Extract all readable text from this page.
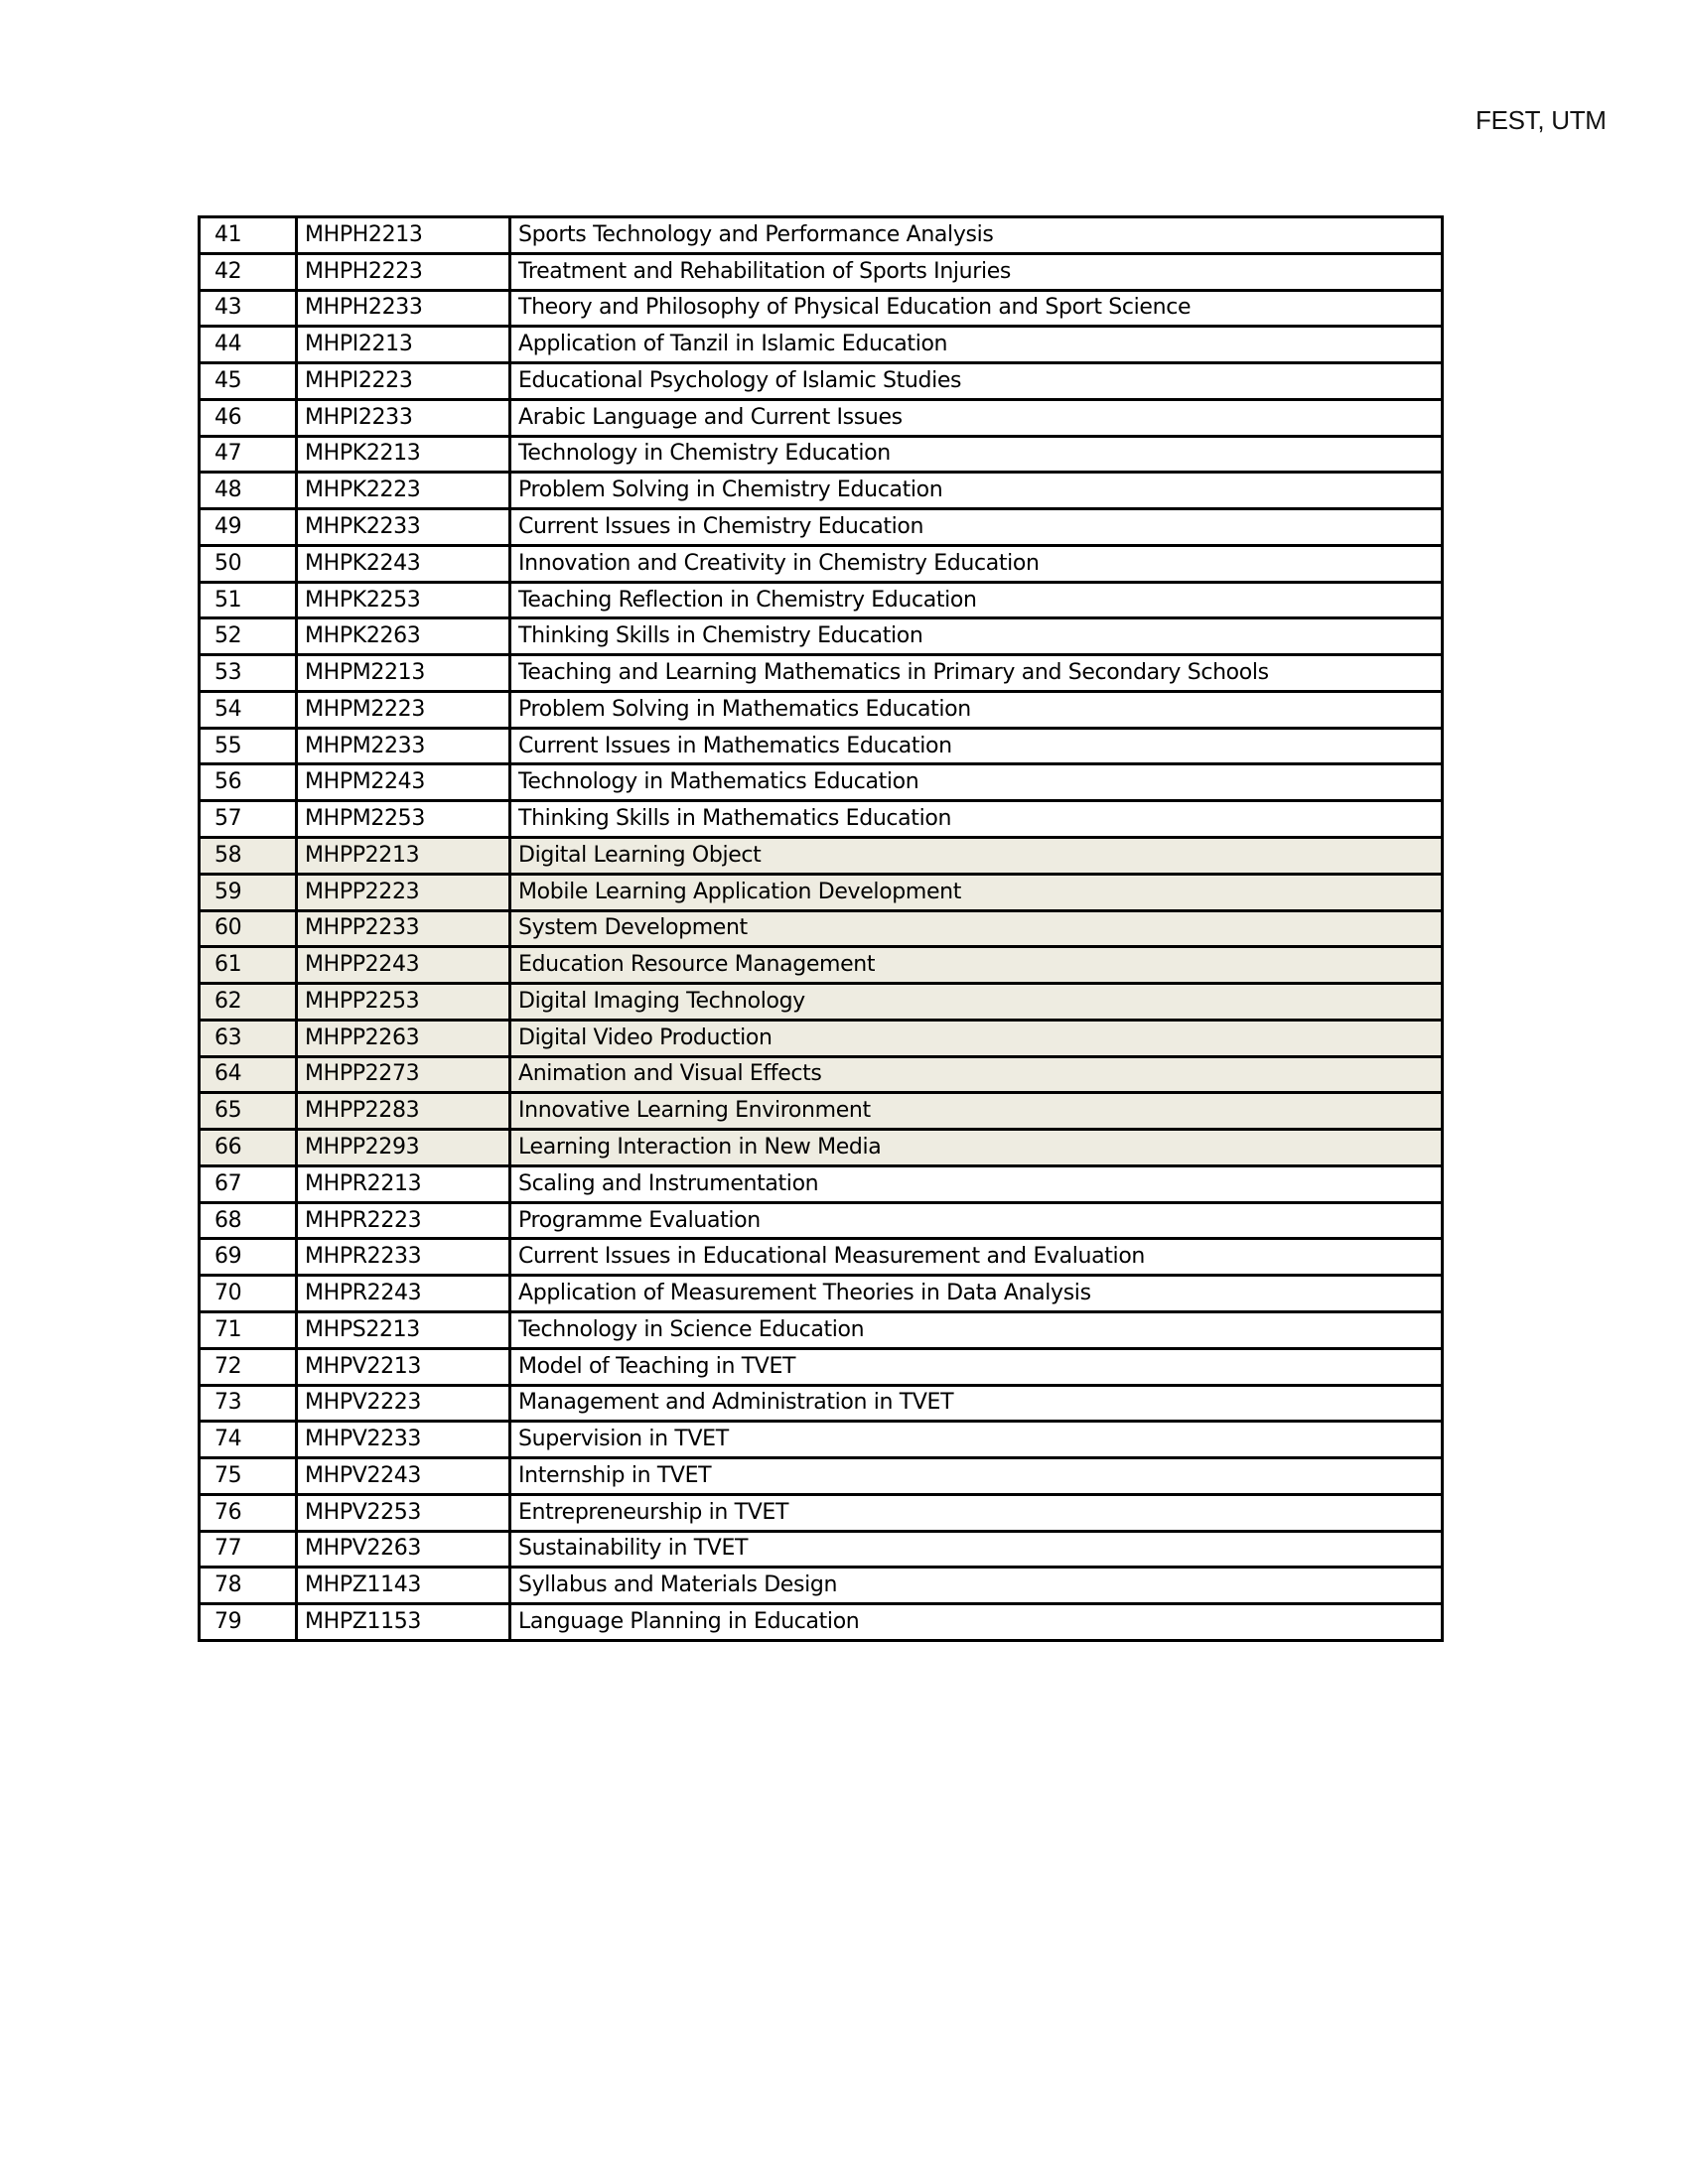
FEST, UTM
41	MHPH2213	Sports Technology and Performance Analysis
42	MHPH2223	Treatment and Rehabilitation of Sports Injuries
43	MHPH2233	Theory and Philosophy of Physical Education and Sport Science
44	MHPI2213	Application of Tanzil in Islamic Education
45	MHPI2223	Educational Psychology of Islamic Studies
46	MHPI2233	Arabic Language and Current Issues
47	MHPK2213	Technology in Chemistry Education
48	MHPK2223	Problem Solving in Chemistry Education
49	MHPK2233	Current Issues in Chemistry Education
50	MHPK2243	Innovation and Creativity in Chemistry Education
51	MHPK2253	Teaching Reflection in Chemistry Education
52	MHPK2263	Thinking Skills in Chemistry Education
53	MHPM2213	Teaching and Learning Mathematics in Primary and Secondary Schools
54	MHPM2223	Problem Solving in Mathematics Education
55	MHPM2233	Current Issues in Mathematics Education
56	MHPM2243	Technology in Mathematics Education
57	MHPM2253	Thinking Skills in Mathematics Education
58	MHPP2213	Digital Learning Object
59	MHPP2223	Mobile Learning Application Development
60	MHPP2233	System Development
61	MHPP2243	Education Resource Management
62	MHPP2253	Digital Imaging Technology
63	MHPP2263	Digital Video Production
64	MHPP2273	Animation and Visual Effects
65	MHPP2283	Innovative Learning Environment
66	MHPP2293	Learning Interaction in New Media
67	MHPR2213	Scaling and Instrumentation
68	MHPR2223	Programme Evaluation
69	MHPR2233	Current Issues in Educational Measurement and Evaluation
70	MHPR2243	Application of Measurement Theories in Data Analysis
71	MHPS2213	Technology in Science Education
72	MHPV2213	Model of Teaching in TVET
73	MHPV2223	Management and Administration in TVET
74	MHPV2233	Supervision in TVET
75	MHPV2243	Internship in TVET
76	MHPV2253	Entrepreneurship in TVET
77	MHPV2263	Sustainability in TVET
78	MHPZ1143	Syllabus and Materials Design
79	MHPZ1153	Language Planning in Education
